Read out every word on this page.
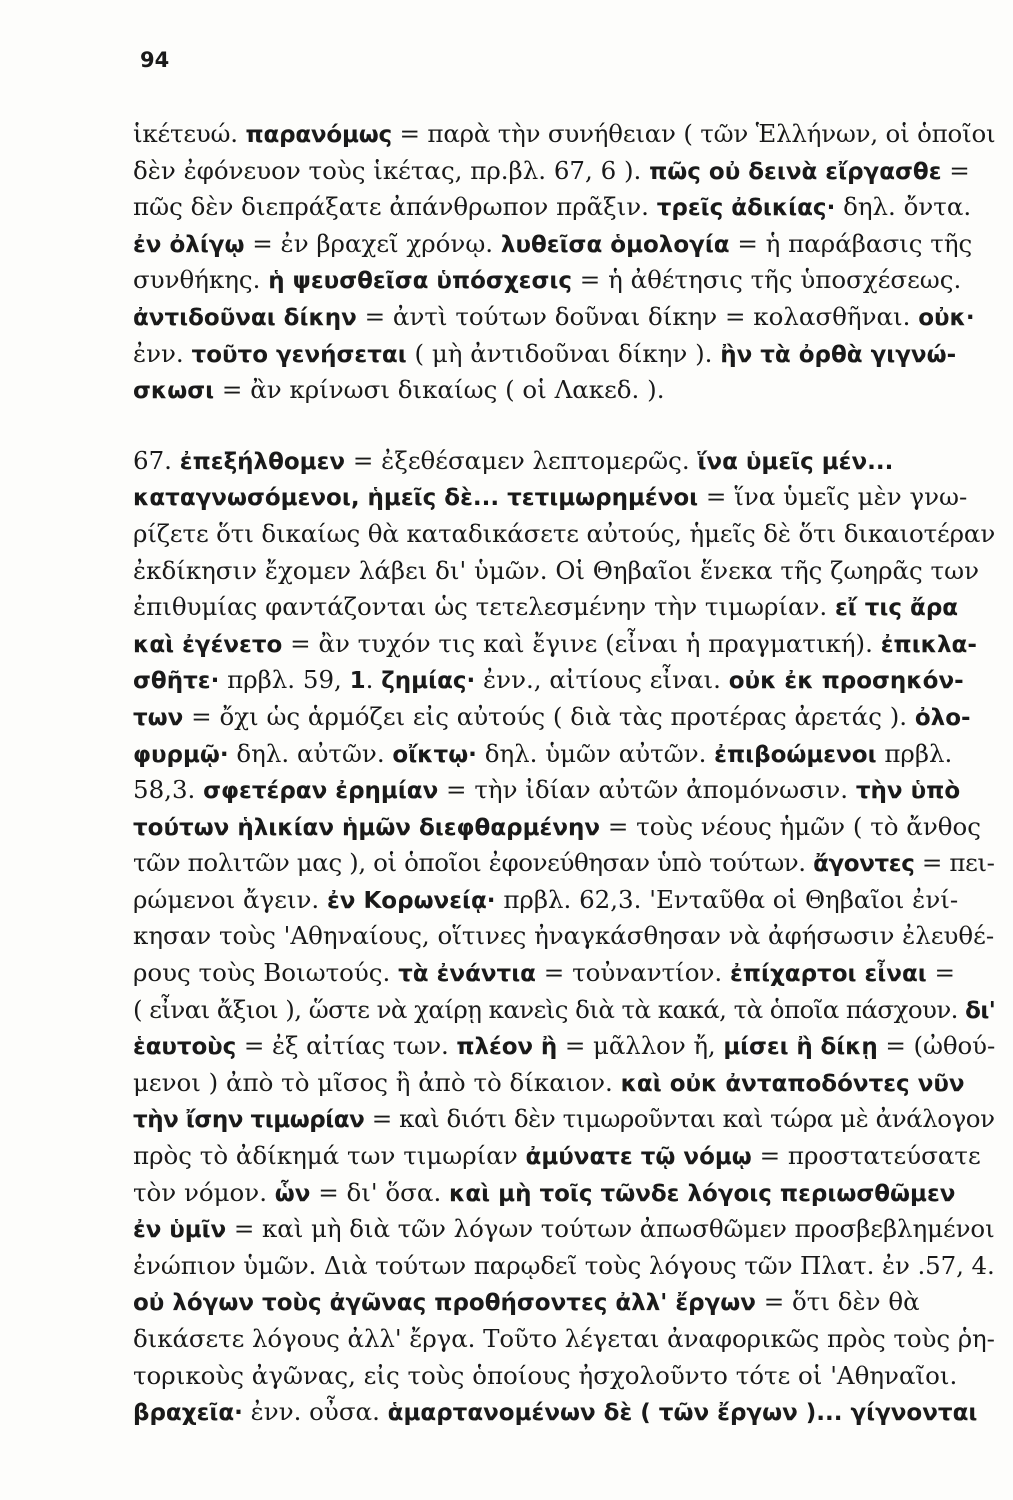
94
ἱκέτευώ. παρανόμως = παρὰ τὴν συνήθειαν ( τῶν Ἑλλήνων, οἱ ὁποῖοι
δὲν ἐφόνευον τοὺς ἱκέτας, πρ.βλ. 67, 6 ). πῶς οὐ δεινὰ εἴργασθε =
πῶς δὲν διεπράξατε ἀπάνθρωπον πρᾶξιν. τρεῖς ἀδικίας· δηλ. ὄντα.
ἐν ὀλίγῳ = ἐν βραχεῖ χρόνῳ. λυθεῖσα ὁμολογία = ἡ παράβασις τῆς
συνθήκης. ἡ ψευσθεῖσα ὑπόσχεσις = ἡ ἀθέτησις τῆς ὑποσχέσεως.
ἀντιδοῦναι δίκην = ἀντὶ τούτων δοῦναι δίκην = κολασθῆναι. οὐκ·
ἐνν. τοῦτο γενήσεται ( μὴ ἀντιδοῦναι δίκην ). ἢν τὰ ὀρθὰ γιγνώ-
σκωσι = ἂν κρίνωσι δικαίως ( οἱ Λακεδ. ).
67. ἐπεξήλθομεν = ἐξεθέσαμεν λεπτομερῶς. ἵνα ὑμεῖς μέν...
καταγνωσόμενοι, ἡμεῖς δὲ... τετιμωρημένοι = ἵνα ὑμεῖς μὲν γνω-
ρίζετε ὅτι δικαίως θὰ καταδικάσετε αὐτούς, ἡμεῖς δὲ ὅτι δικαιοτέραν
ἐκδίκησιν ἔχομεν λάβει δι' ὑμῶν. Οἱ Θηβαῖοι ἕνεκα τῆς ζωηρᾶς των
ἐπιθυμίας φαντάζονται ὡς τετελεσμένην τὴν τιμωρίαν. εἴ τις ἄρα
καὶ ἐγένετο = ἂν τυχόν τις καὶ ἔγινε (εἶναι ἡ πραγματική). ἐπικλα-
σθῆτε· πρβλ. 59, 1. ζημίας· ἐνν., αἰτίους εἶναι. οὐκ ἐκ προσηκόν-
των = ὄχι ὡς ἁρμόζει εἰς αὐτούς ( διὰ τὰς προτέρας ἀρετάς ). ὀλο-
φυρμῷ· δηλ. αὐτῶν. οἴκτῳ· δηλ. ὑμῶν αὐτῶν. ἐπιβοώμενοι πρβλ.
58,3. σφετέραν ἐρημίαν = τὴν ἰδίαν αὐτῶν ἀπομόνωσιν. τὴν ὑπὸ
τούτων ἡλικίαν ἡμῶν διεφθαρμένην = τοὺς νέους ἡμῶν ( τὸ ἄνθος
τῶν πολιτῶν μας ), οἱ ὁποῖοι ἐφονεύθησαν ὑπὸ τούτων. ἄγοντες = πει-
ρώμενοι ἄγειν. ἐν Κορωνείᾳ· πρβλ. 62,3. 'Ενταῦθα οἱ Θηβαῖοι ἐνί-
κησαν τοὺς 'Αθηναίους, οἵτινες ἠναγκάσθησαν νὰ ἀφήσωσιν ἐλευθέ-
ρους τοὺς Βοιωτούς. τὰ ἐνάντια = τοὐναντίον. ἐπίχαρτοι εἶναι =
( εἶναι ἄξιοι ), ὥστε νὰ χαίρῃ κανεὶς διὰ τὰ κακά, τὰ ὁποῖα πάσχουν. δι'
ἑαυτοὺς = ἐξ αἰτίας των. πλέον ἢ = μᾶλλον ἤ, μίσει ἢ δίκῃ = (ὠθού-
μενοι ) ἀπὸ τὸ μῖσος ἢ ἀπὸ τὸ δίκαιον. καὶ οὐκ ἀνταποδόντες νῦν
τὴν ἴσην τιμωρίαν = καὶ διότι δὲν τιμωροῦνται καὶ τώρα μὲ ἀνάλογον
πρὸς τὸ ἀδίκημά των τιμωρίαν ἀμύνατε τῷ νόμῳ = προστατεύσατε
τὸν νόμον. ὧν = δι' ὅσα. καὶ μὴ τοῖς τῶνδε λόγοις περιωσθῶμεν
ἐν ὑμῖν = καὶ μὴ διὰ τῶν λόγων τούτων ἀπωσθῶμεν προσβεβλημένοι
ἐνώπιον ὑμῶν. Διὰ τούτων παρῳδεῖ τοὺς λόγους τῶν Πλατ. ἐν .57, 4.
οὐ λόγων τοὺς ἀγῶνας προθήσοντες ἀλλ' ἔργων = ὅτι δὲν θὰ
δικάσετε λόγους ἀλλ' ἔργα. Τοῦτο λέγεται ἀναφορικῶς πρὸς τοὺς ῥη-
τορικοὺς ἀγῶνας, εἰς τοὺς ὁποίους ἠσχολοῦντο τότε οἱ 'Αθηναῖοι.
βραχεῖα· ἐνν. οὖσα. ἁμαρτανομένων δὲ ( τῶν ἔργων )... γίγνονται
